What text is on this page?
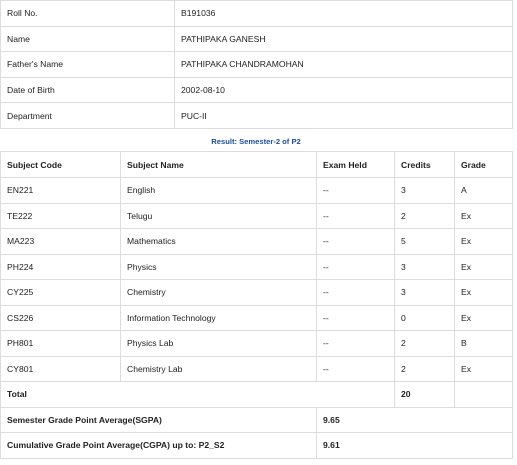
Roll No.	B191036
Name	PATHIPAKA GANESH
Father's Name	PATHIPAKA CHANDRAMOHAN
Date of Birth	2002-08-10
Department	PUC-II
Result: Semester-2 of P2
Subject Code	Subject Name	Exam Held	Credits	Grade
EN221	English	--	3	A
TE222	Telugu	--	2	Ex
MA223	Mathematics	--	5	Ex
PH224	Physics	--	3	Ex
CY225	Chemistry	--	3	Ex
CS226	Information Technology	--	0	Ex
PH801	Physics Lab	--	2	B
CY801	Chemistry Lab	--	2	Ex
Total			20	
Semester Grade Point Average(SGPA)		9.65		
Cumulative Grade Point Average(CGPA) up to: P2_S2		9.61		
